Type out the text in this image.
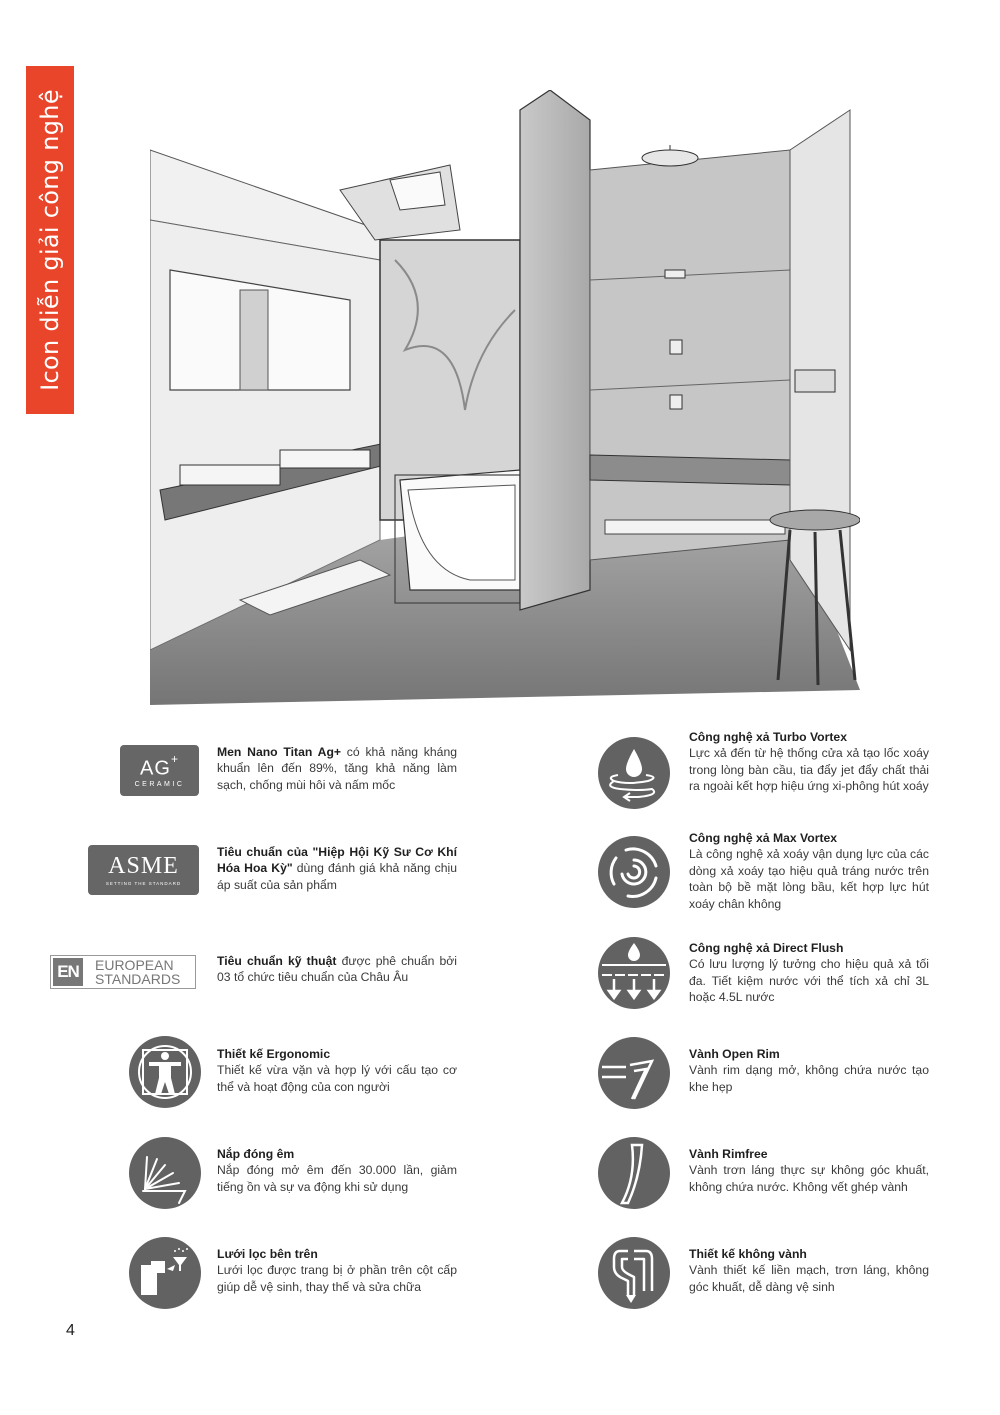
Icon diễn giải công nghệ
AG+
CERAMIC
Men Nano Titan Ag+ có khả năng kháng khuẩn lên đến 89%, tăng khả năng làm sạch, chống mùi hôi và nấm mốc
ASME
SETTING THE STANDARD
Tiêu chuẩn của "Hiệp Hội Kỹ Sư Cơ Khí Hóa Hoa Kỳ" dùng đánh giá khả năng chịu áp suất của sản phẩm
EN EUROPEAN
STANDARDS
Tiêu chuẩn kỹ thuật được phê chuẩn bởi 03 tổ chức tiêu chuẩn của Châu Âu
Thiết kế Ergonomic
Thiết kế vừa vặn và hợp lý với cấu tạo cơ thể và hoạt động của con người
Nắp đóng êm
Nắp đóng mở êm đến 30.000 lần, giảm tiếng ồn và sự va động khi sử dụng
Lưới lọc bên trên
Lưới lọc được trang bị ở phần trên cột cấp giúp dễ vệ sinh, thay thế và sửa chữa
Công nghệ xả Turbo Vortex
Lực xả đến từ hệ thống cửa xả tạo lốc xoáy trong lòng bàn cầu, tia đẩy jet đẩy chất thải ra ngoài kết hợp hiệu ứng xi-phông hút xoáy
Công nghệ xả Max Vortex
Là công nghệ xả xoáy vận dụng lực của các dòng xả xoáy tạo hiệu quả tráng nước trên toàn bộ bề mặt lòng bầu, kết hợp lực hút xoáy chân không
Công nghệ xả Direct Flush
Có lưu lượng lý tưởng cho hiệu quả xả tối đa. Tiết kiệm nước với thể tích xả chỉ 3L hoặc 4.5L nước
Vành Open Rim
Vành rim dạng mở, không chứa nước tạo khe hẹp
Vành Rimfree
Vành trơn láng thực sự không góc khuất, không chứa nước. Không vết ghép vành
Thiết kế không vành
Vành thiết kế liền mạch, trơn láng, không góc khuất, dễ dàng vệ sinh
4
